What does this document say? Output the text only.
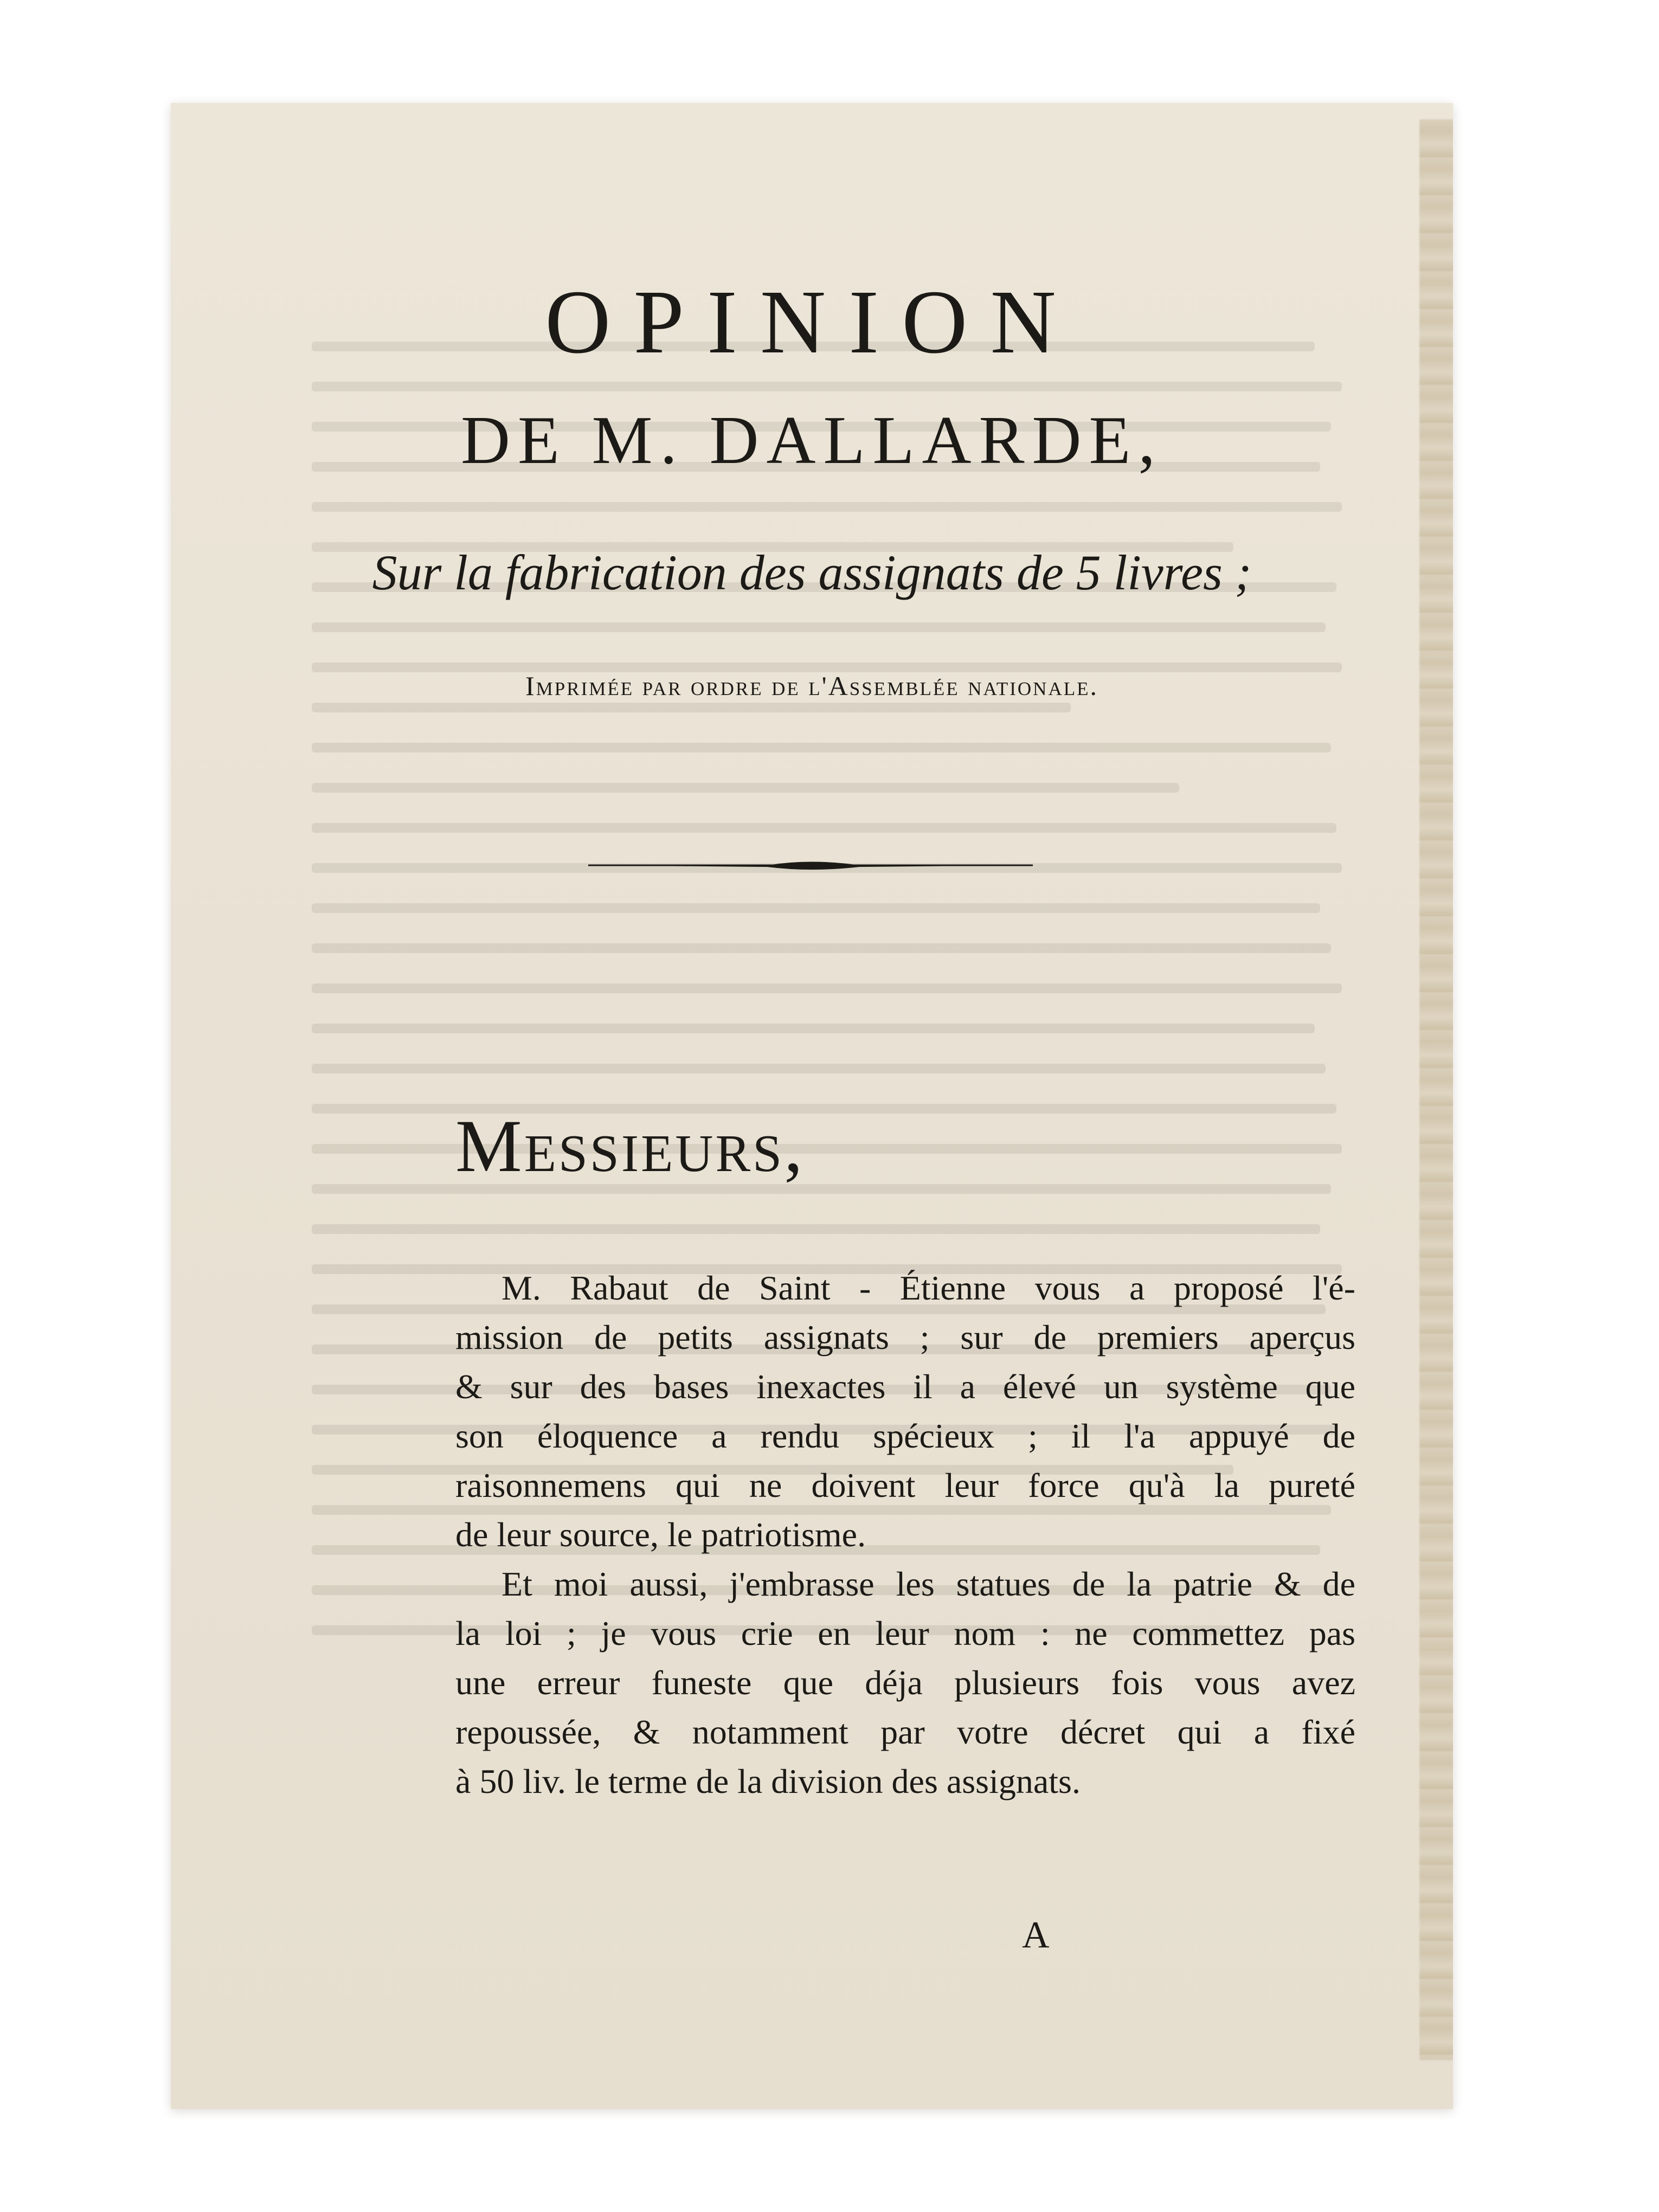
OPINION
DE M. DALLARDE,

Sur la fabrication des assignats de 5 livres ;

Imprimée par ordre de l'Assemblée nationale.

Messieurs,

M. Rabaut de Saint - Étienne vous a proposé l'é-
mission de petits assignats ; sur de premiers aperçus
& sur des bases inexactes il a élevé un système que
son éloquence a rendu spécieux ; il l'a appuyé de
raisonnemens qui ne doivent leur force qu'à la pureté
de leur source, le patriotisme.
Et moi aussi, j'embrasse les statues de la patrie & de
la loi ; je vous crie en leur nom : ne commettez pas
une erreur funeste que déja plusieurs fois vous avez
repoussée, & notamment par votre décret qui a fixé
à 50 liv. le terme de la division des assignats.

A
